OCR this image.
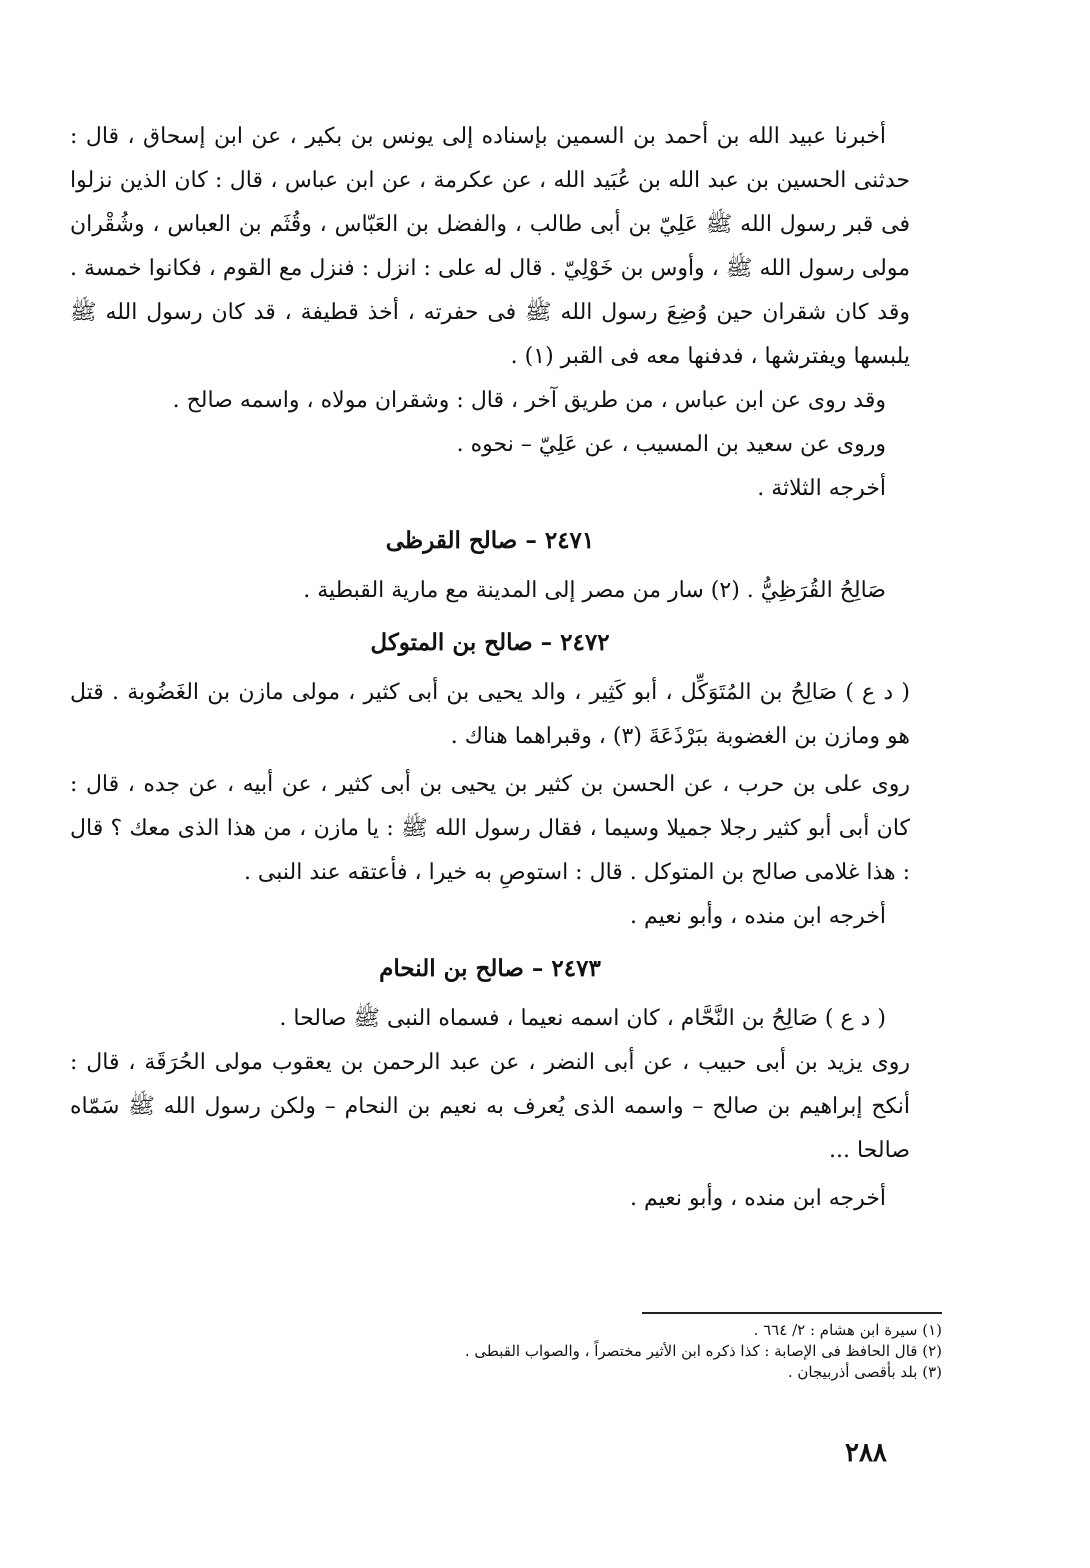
أخبرنا عبيد الله بن أحمد بن السمين بإسناده إلى يونس بن بكير ، عن ابن إسحاق ، قال : حدثنى الحسين بن عبد الله بن عُبَيد الله ، عن عكرمة ، عن ابن عباس ، قال : كان الذين نزلوا فى قبر رسول الله ﷺ عَلِيّ بن أبى طالب ، والفضل بن العَبّاس ، وقُثَم بن العباس ، وشُقْران مولى رسول الله ﷺ ، وأوس بن خَوْلِيّ . قال له على : انزل : فنزل مع القوم ، فكانوا خمسة . وقد كان شقران حين وُضِعَ رسول الله ﷺ فى حفرته ، أخذ قطيفة ، قد كان رسول الله ﷺ يلبسها ويفترشها ، فدفنها معه فى القبر (١) .

وقد روى عن ابن عباس ، من طريق آخر ، قال : وشقران مولاه ، واسمه صالح .

وروى عن سعيد بن المسيب ، عن عَلِيّ – نحوه .

أخرجه الثلاثة .

٢٤٧١ – صالح القرظى

صَالِحُ القُرَظِيُّ . (٢) سار من مصر إلى المدينة مع مارية القبطية .

٢٤٧٢ – صالح بن المتوكل

( د ع ) صَالِحُ بن المُتَوَكِّل ، أبو كَثِير ، والد يحيى بن أبى كثير ، مولى مازن بن الغَضُوبة . قتل هو ومازن بن الغضوبة ببَرْذَعَةَ (٣) ، وقبراهما هناك .

روى على بن حرب ، عن الحسن بن كثير بن يحيى بن أبى كثير ، عن أبيه ، عن جده ، قال : كان أبى أبو كثير رجلا جميلا وسيما ، فقال رسول الله ﷺ : يا مازن ، من هذا الذى معك ؟ قال : هذا غلامى صالح بن المتوكل . قال : استوصِ به خيرا ، فأعتقه عند النبى .

أخرجه ابن منده ، وأبو نعيم .

٢٤٧٣ – صالح بن النحام

( د ع ) صَالِحُ بن النَّحَّام ، كان اسمه نعيما ، فسماه النبى ﷺ صالحا .

روى يزيد بن أبى حبيب ، عن أبى النضر ، عن عبد الرحمن بن يعقوب مولى الحُرَقَة ، قال : أنكح إبراهيم بن صالح – واسمه الذى يُعرف به نعيم بن النحام – ولكن رسول الله ﷺ سَمّاه صالحا ...

أخرجه ابن منده ، وأبو نعيم .

(١) سيرة ابن هشام : ٢/ ٦٦٤ .

(٢) قال الحافظ فى الإصابة : كذا ذكره ابن الأثير مختصراً ، والصواب القبطى .

(٣) بلد بأقصى أذربيجان .

٢٨٨
